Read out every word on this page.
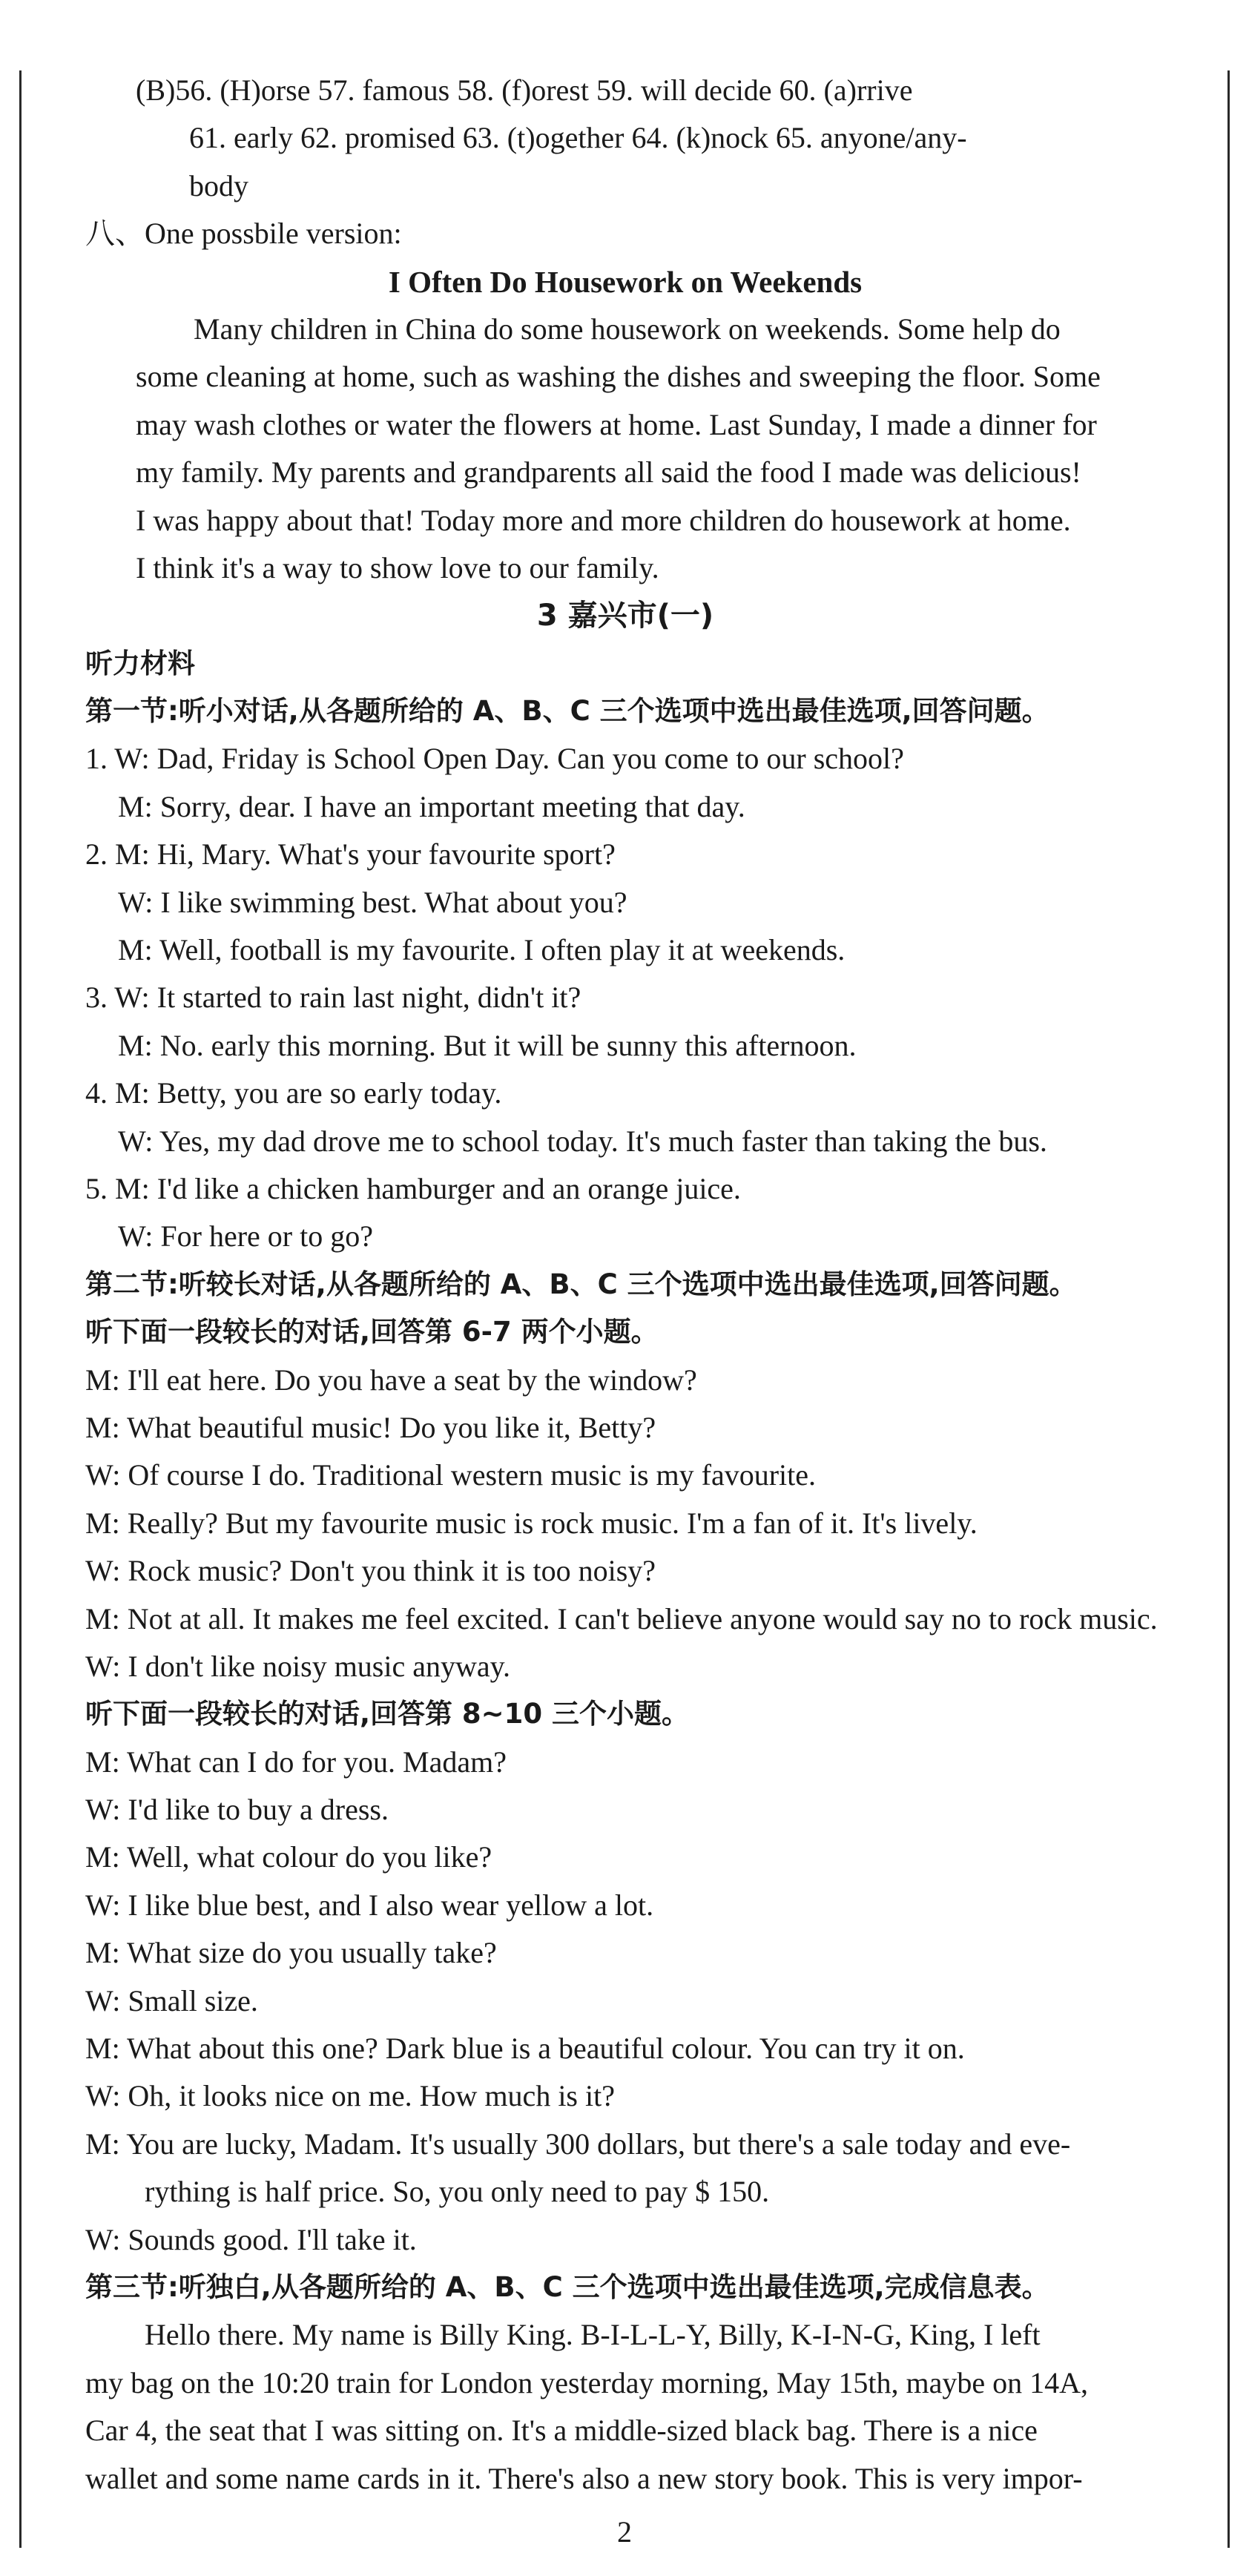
(B)56. (H)orse 57. famous 58. (f)orest 59. will decide 60. (a)rrive
61. early 62. promised 63. (t)ogether 64. (k)nock 65. anyone/any-
body
八、One possbile version:
I Often Do Housework on Weekends
Many children in China do some housework on weekends. Some help do
some cleaning at home, such as washing the dishes and sweeping the floor. Some
may wash clothes or water the flowers at home. Last Sunday, I made a dinner for
my family. My parents and grandparents all said the food I made was delicious!
I was happy about that! Today more and more children do housework at home.
I think it's a way to show love to our family.
3 嘉兴市(一)
听力材料
第一节:听小对话,从各题所给的 A、B、C 三个选项中选出最佳选项,回答问题。
1. W: Dad, Friday is School Open Day. Can you come to our school?
M: Sorry, dear. I have an important meeting that day.
2. M: Hi, Mary. What's your favourite sport?
W: I like swimming best. What about you?
M: Well, football is my favourite. I often play it at weekends.
3. W: It started to rain last night, didn't it?
M: No. early this morning. But it will be sunny this afternoon.
4. M: Betty, you are so early today.
W: Yes, my dad drove me to school today. It's much faster than taking the bus.
5. M: I'd like a chicken hamburger and an orange juice.
W: For here or to go?
第二节:听较长对话,从各题所给的 A、B、C 三个选项中选出最佳选项,回答问题。
听下面一段较长的对话,回答第 6-7 两个小题。
M: I'll eat here. Do you have a seat by the window?
M: What beautiful music! Do you like it, Betty?
W: Of course I do. Traditional western music is my favourite.
M: Really? But my favourite music is rock music. I'm a fan of it. It's lively.
W: Rock music? Don't you think it is too noisy?
M: Not at all. It makes me feel excited. I can't believe anyone would say no to rock music.
W: I don't like noisy music anyway.
听下面一段较长的对话,回答第 8~10 三个小题。
M: What can I do for you. Madam?
W: I'd like to buy a dress.
M: Well, what colour do you like?
W: I like blue best, and I also wear yellow a lot.
M: What size do you usually take?
W: Small size.
M: What about this one? Dark blue is a beautiful colour. You can try it on.
W: Oh, it looks nice on me. How much is it?
M: You are lucky, Madam. It's usually 300 dollars, but there's a sale today and eve-
rything is half price. So, you only need to pay $ 150.
W: Sounds good. I'll take it.
第三节:听独白,从各题所给的 A、B、C 三个选项中选出最佳选项,完成信息表。
Hello there. My name is Billy King. B-I-L-L-Y, Billy, K-I-N-G, King, I left
my bag on the 10:20 train for London yesterday morning, May 15th, maybe on 14A,
Car 4, the seat that I was sitting on. It's a middle-sized black bag. There is a nice
wallet and some name cards in it. There's also a new story book. This is very impor-
2
